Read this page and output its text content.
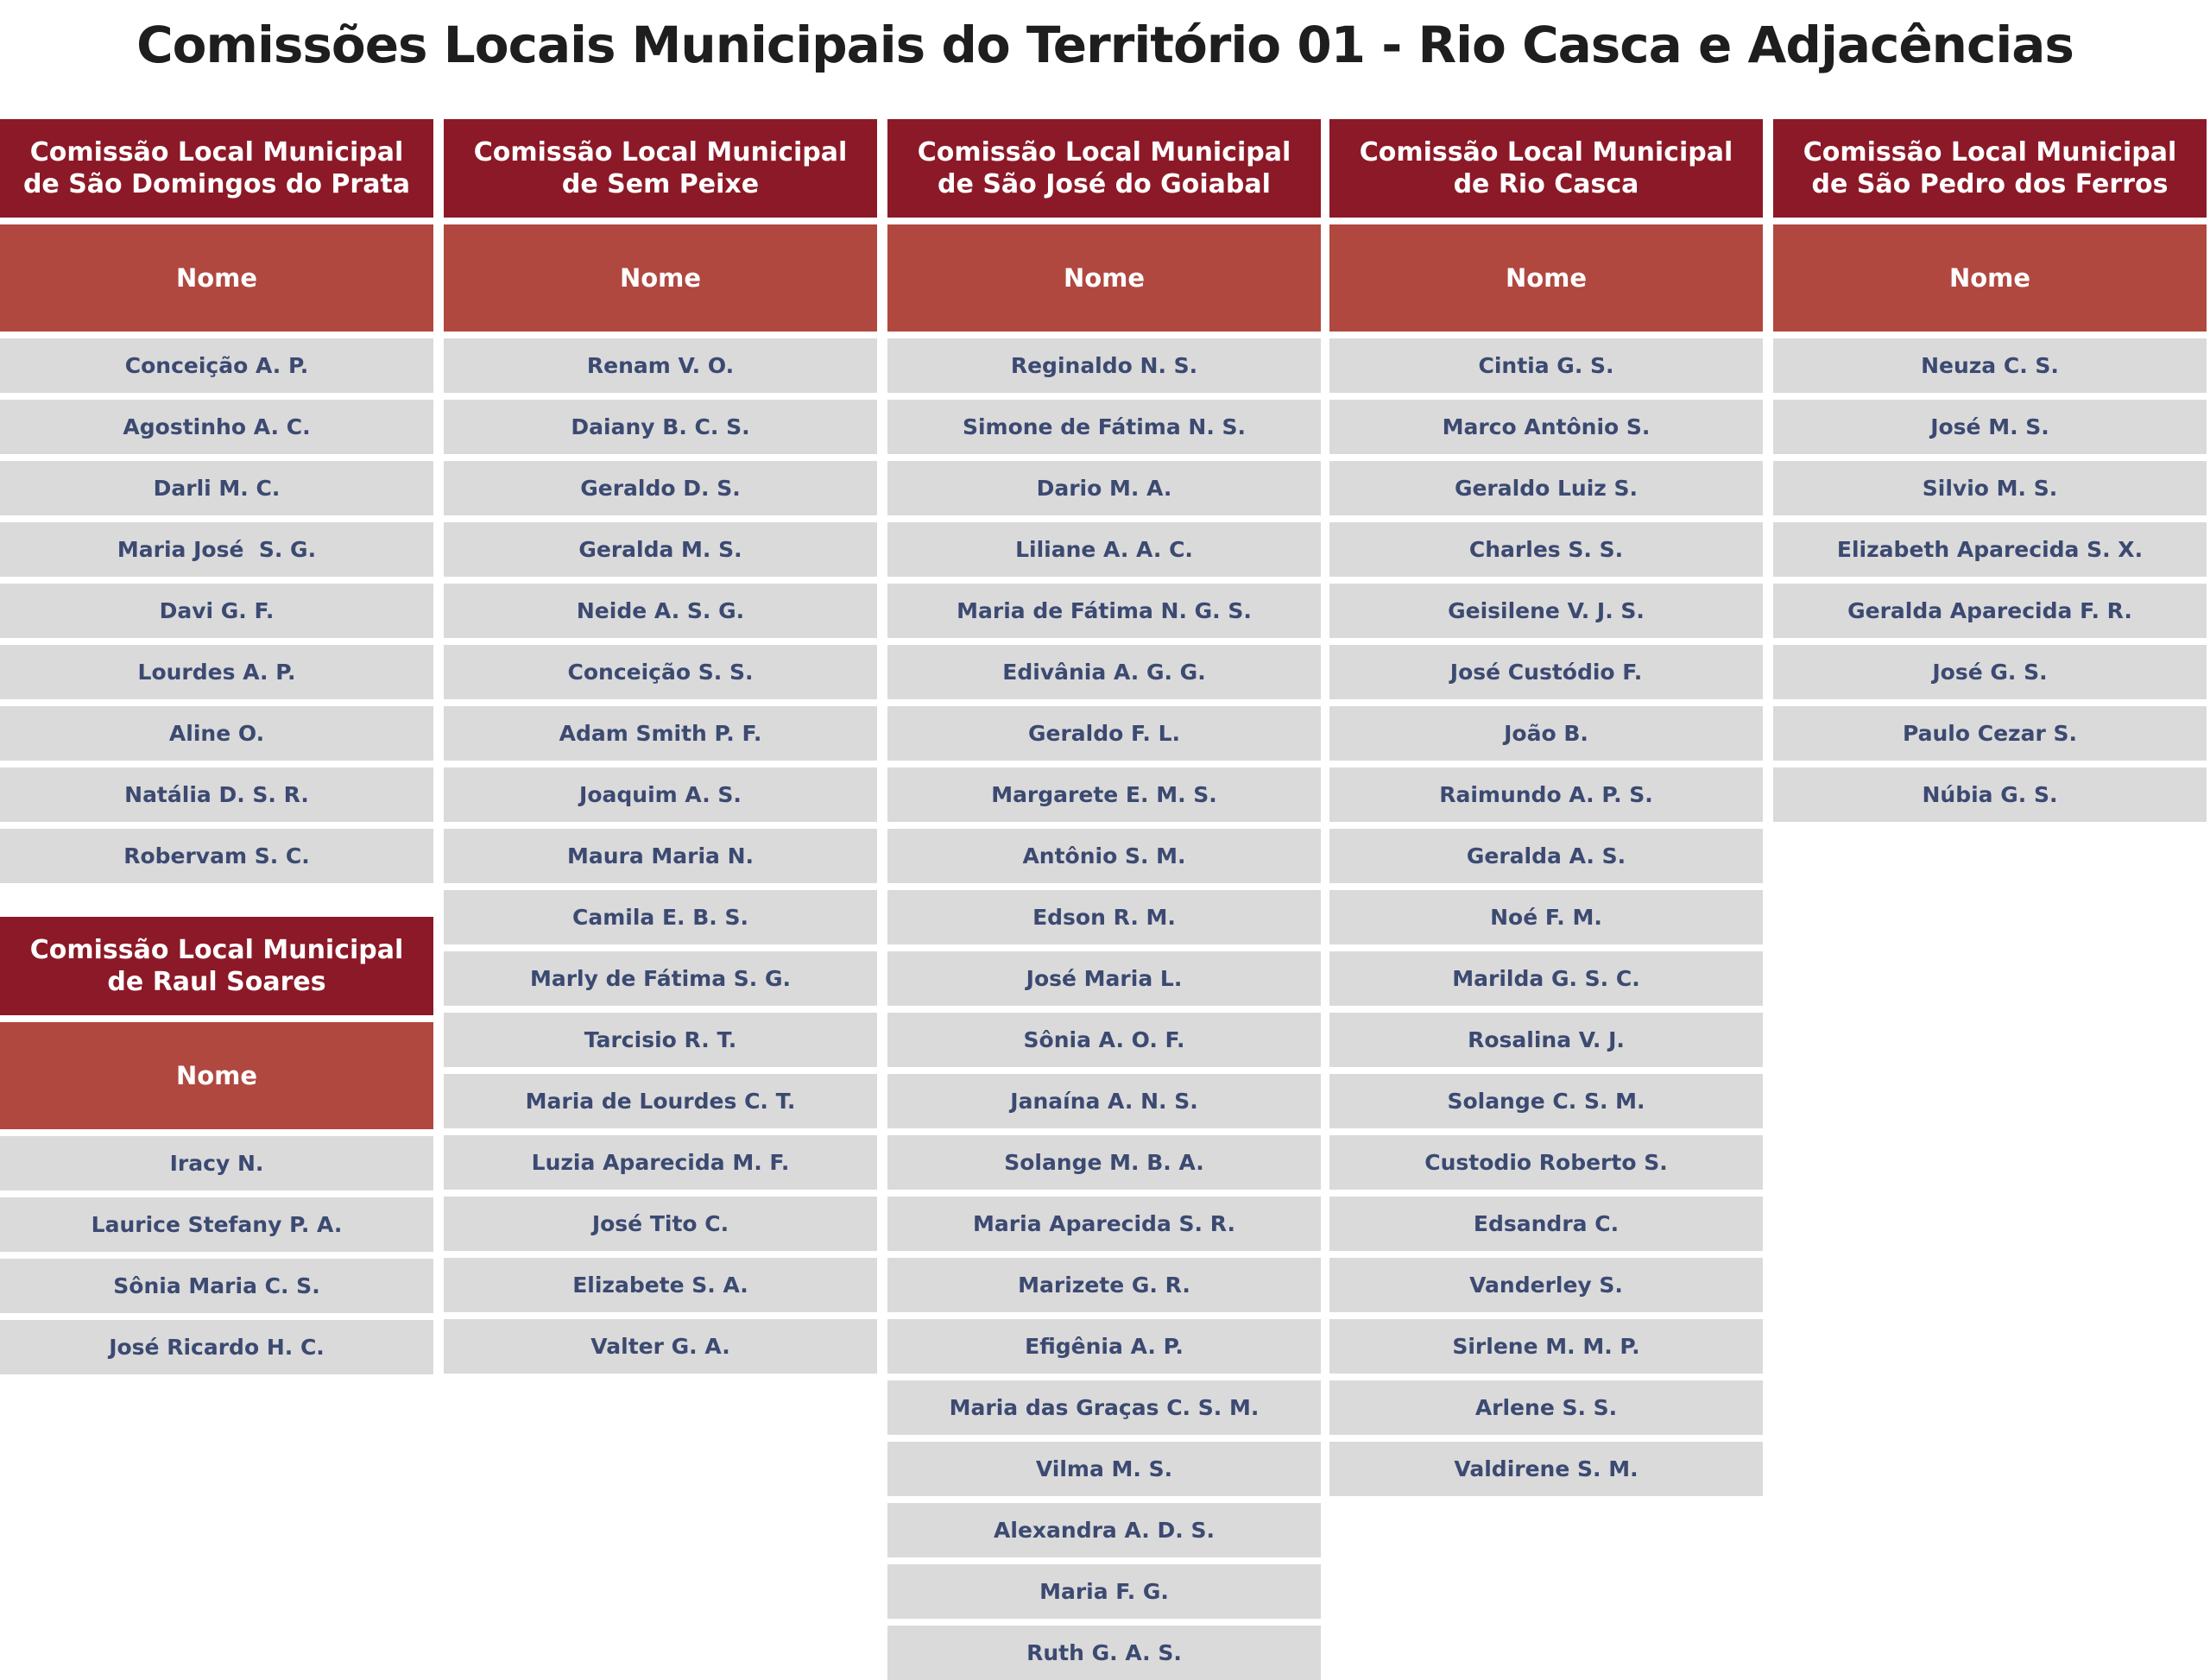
Comissões Locais Municipais do Território 01 - Rio Casca e Adjacências
Comissão Local Municipal de São Domingos do Prata
Nome
Conceição A. P.
Agostinho A. C.
Darli M. C.
Maria José  S. G.
Davi G. F.
Lourdes A. P.
Aline O.
Natália D. S. R.
Robervam S. C.
Comissão Local Municipal de Raul Soares
Nome
Iracy N.
Laurice Stefany P. A.
Sônia Maria C. S.
José Ricardo H. C.
Comissão Local Municipal de Sem Peixe
Nome
Renam V. O.
Daiany B. C. S.
Geraldo D. S.
Geralda M. S.
Neide A. S. G.
Conceição S. S.
Adam Smith P. F.
Joaquim A. S.
Maura Maria N.
Camila E. B. S.
Marly de Fátima S. G.
Tarcisio R. T.
Maria de Lourdes C. T.
Luzia Aparecida M. F.
José Tito C.
Elizabete S. A.
Valter G. A.
Comissão Local Municipal de São José do Goiabal
Nome
Reginaldo N. S.
Simone de Fátima N. S.
Dario M. A.
Liliane A. A. C.
Maria de Fátima N. G. S.
Edivânia A. G. G.
Geraldo F. L.
Margarete E. M. S.
Antônio S. M.
Edson R. M.
José Maria L.
Sônia A. O. F.
Janaína A. N. S.
Solange M. B. A.
Maria Aparecida S. R.
Marizete G. R.
Efigênia A. P.
Maria das Graças C. S. M.
Vilma M. S.
Alexandra A. D. S.
Maria F. G.
Ruth G. A. S.
Comissão Local Municipal de Rio Casca
Nome
Cintia G. S.
Marco Antônio S.
Geraldo Luiz S.
Charles S. S.
Geisilene V. J. S.
José Custódio F.
João B.
Raimundo A. P. S.
Geralda A. S.
Noé F. M.
Marilda G. S. C.
Rosalina V. J.
Solange C. S. M.
Custodio Roberto S.
Edsandra C.
Vanderley S.
Sirlene M. M. P.
Arlene S. S.
Valdirene S. M.
Comissão Local Municipal de São Pedro dos Ferros
Nome
Neuza C. S.
José M. S.
Silvio M. S.
Elizabeth Aparecida S. X.
Geralda Aparecida F. R.
José G. S.
Paulo Cezar S.
Núbia G. S.
